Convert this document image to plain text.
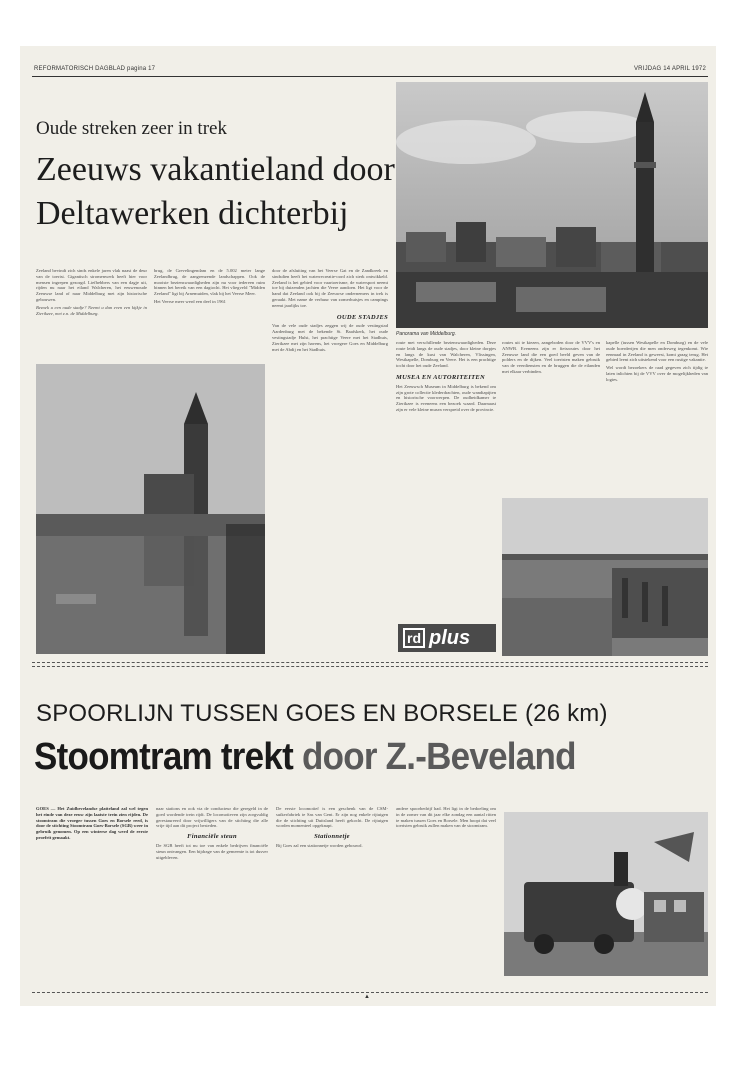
REFORMATORISCH DAGBLAD pagina 17	VRIJDAG 14 APRIL 1972
Oude streken zeer in trek
Zeeuws vakantieland door
Deltawerken dichterbij
Panorama van Middelburg.

Zeeland bevindt zich sinds enkele jaren vlak naast de deur van de toerist. Gigantisch stromenwerk heeft hier voor mensen ingrepen gezorgd. Liefhebbers van een dagje uit, rijden nu naar het eiland Walcheren, het eeuwenoude Zeeuwse land of naar Middelburg met zijn historische gebouwen.

Bezoek u een oude stadje? Neemt u dan even een kijkje in Zierikzee, met z.n. de Middelburg.

brug, de Grevelingendam en de 5.002 meter lange Zeelandbrug, de aangrenzende landschappen. Ook de mooiste bezienswaardigheden zijn nu voor iedereen ruim binnen het bereik van een dagtocht. Het vliegveld "Midden Zeeland" ligt bij Arnemuiden, vlak bij het Veerse Meer.

Het Veerse meer werd een deel in 1961

door de afsluiting van het Veerse Gat en de Zandkreek en sindsdien heeft het waterrecreatie-oord zich sterk ontwikkeld. Zeeland is het gebied voor vaartoerisme, de watersport neemt toe bij duizenden jachten die Veere aandoen. Het ligt voor de hand dat Zeeland ook bij de Zeeuwse ondernemers in trek is geraakt. Met name de verhuur van zomerhuisjes en campings neemt jaarlijks toe.

OUDE STADJES

Van de vele oude stadjes zeggen wij de oude vestingstad Aardenburg met de bekende St. Baafskerk, het oude vestingstadje Hulst, het prachtige Veere met het Stadhuis, Zierikzee met zijn havens, het vroegere Goes en Middelburg met de Abdij en het Stadhuis.

route met verschillende bezienswaardigheden. Deze route leidt langs de oude stadjes, door kleine dorpjes en langs de kust van Walcheren, Vlissingen, Westkapelle, Domburg en Veere. Het is een prachtige tocht door het oude Zeeland.

MUSEA EN AUTORITEITEN

Het Zeeuwsch Museum in Middelburg is bekend om zijn grote collectie klederdrachten, oude wandtapijten en historische voorwerpen. De oudheidkamer te Zierikzee is eveneens een bezoek waard. Daarnaast zijn er vele kleine musea verspreid over de provincie.

routes uit te kiezen, aangeboden door de VVV's en ANWB. Eveneens zijn er fietsroutes door het Zeeuwse land die een goed beeld geven van de polders en de dijken. Veel toeristen maken gebruik van de veerdiensten en de bruggen die de eilanden met elkaar verbinden.

kapelle (tussen Westkapelle en Domburg) en de vele oude boerderijen die men onderweg tegenkomt. Wie eenmaal in Zeeland is geweest, komt graag terug. Het gebied leent zich uitstekend voor een rustige vakantie.

Wel wordt bezoekers de raad gegeven zich tijdig te laten inlichten bij de VVV over de mogelijkheden van logies.

rd plus
SPOORLIJN TUSSEN GOES EN BORSELE (26 km)
Stoomtram trekt door Z.-Beveland

GOES — Het Zuidbevelandse platteland zal wel tegen het einde van deze eeuw zijn laatste trein zien rijden. De stoomtram die vroeger tussen Goes en Borsele reed, is door de stichting Stoomtram Goes-Borsele (SGB) weer in gebruik genomen. Op een winterse dag werd de eerste proefrit gemaakt.

naar stations en ook via de conducteur die geregeld in de goed wordende trein rijdt. De locomotieven zijn zorgvuldig gerestaureerd door vrijwilligers van de stichting die alle vrije tijd aan dit project besteden.

Financiële steun

De SGB heeft tot nu toe van enkele bedrijven financiële steun ontvangen. Een bijdrage van de gemeente is tot dusver uitgebleven.

De eerste locomotief is een geschenk van de CSM-suikerfabriek te Sas van Gent. Er zijn nog enkele rijtuigen die de stichting uit Duitsland heeft gekocht. De rijtuigen worden momenteel opgeknapt.

Stationnetje

Bij Goes zal een stationnetje worden gebouwd.

andere spoorbedrijf had. Het ligt in de bedoeling om in de zomer van dit jaar elke zondag een aantal ritten te maken tussen Goes en Borsele. Men hoopt dat veel toeristen gebruik zullen maken van de stoomtram.

▲
